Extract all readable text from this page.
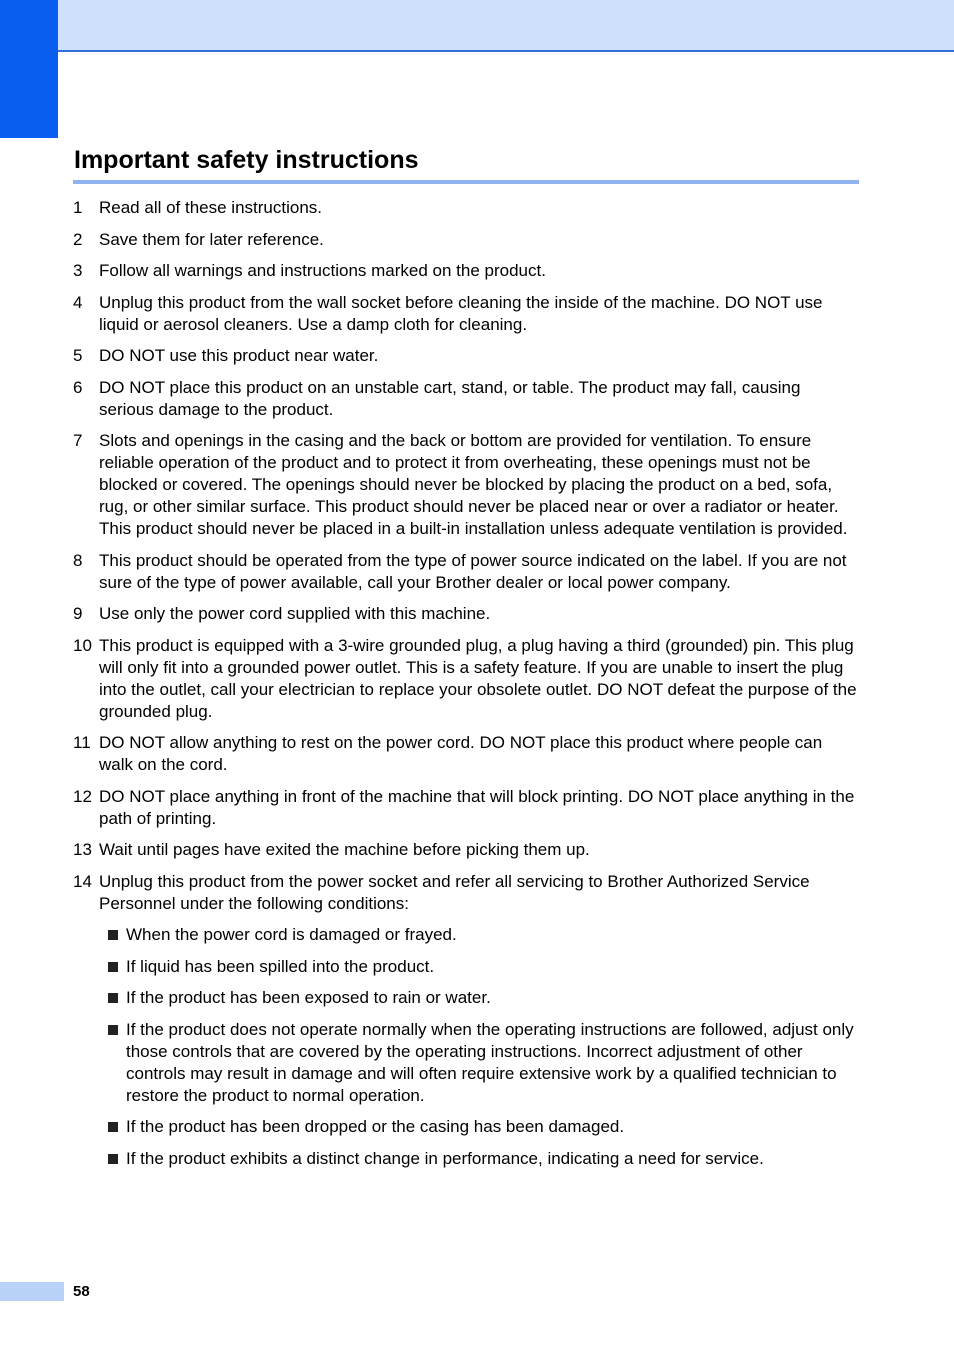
Important safety instructions
1 Read all of these instructions.
2 Save them for later reference.
3 Follow all warnings and instructions marked on the product.
4 Unplug this product from the wall socket before cleaning the inside of the machine. DO NOT use liquid or aerosol cleaners. Use a damp cloth for cleaning.
5 DO NOT use this product near water.
6 DO NOT place this product on an unstable cart, stand, or table. The product may fall, causing serious damage to the product.
7 Slots and openings in the casing and the back or bottom are provided for ventilation. To ensure reliable operation of the product and to protect it from overheating, these openings must not be blocked or covered. The openings should never be blocked by placing the product on a bed, sofa, rug, or other similar surface. This product should never be placed near or over a radiator or heater. This product should never be placed in a built-in installation unless adequate ventilation is provided.
8 This product should be operated from the type of power source indicated on the label. If you are not sure of the type of power available, call your Brother dealer or local power company.
9 Use only the power cord supplied with this machine.
10 This product is equipped with a 3-wire grounded plug, a plug having a third (grounded) pin. This plug will only fit into a grounded power outlet. This is a safety feature. If you are unable to insert the plug into the outlet, call your electrician to replace your obsolete outlet. DO NOT defeat the purpose of the grounded plug.
11 DO NOT allow anything to rest on the power cord. DO NOT place this product where people can walk on the cord.
12 DO NOT place anything in front of the machine that will block printing. DO NOT place anything in the path of printing.
13 Wait until pages have exited the machine before picking them up.
14 Unplug this product from the power socket and refer all servicing to Brother Authorized Service Personnel under the following conditions:
When the power cord is damaged or frayed.
If liquid has been spilled into the product.
If the product has been exposed to rain or water.
If the product does not operate normally when the operating instructions are followed, adjust only those controls that are covered by the operating instructions. Incorrect adjustment of other controls may result in damage and will often require extensive work by a qualified technician to restore the product to normal operation.
If the product has been dropped or the casing has been damaged.
If the product exhibits a distinct change in performance, indicating a need for service.
58
